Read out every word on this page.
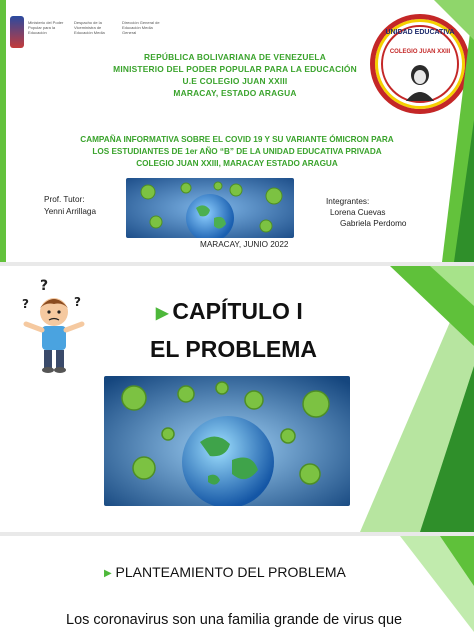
Ministerio del Poder Popular para la Educación
Despacho de la Viceministra de Educación Media
Dirección General de Educación Media General	UNIDAD EDUCATIVA
COLEGIO JUAN XXIII
REPÚBLICA BOLIVARIANA DE VENEZUELA
MINISTERIO DEL PODER POPULAR PARA LA EDUCACIÓN
U.E COLEGIO JUAN XXIII
MARACAY, ESTADO ARAGUA
CAMPAÑA INFORMATIVA SOBRE EL COVID 19 Y SU VARIANTE ÓMICRON PARA
LOS ESTUDIANTES DE 1er AÑO “B” DE LA UNIDAD EDUCATIVA PRIVADA
COLEGIO JUAN XXIII, MARACAY ESTADO ARAGUA
Prof. Tutor:
Yenni Arrillaga
Integrantes:
Lorena Cuevas
Gabriela Perdomo
MARACAY, JUNIO 2022
?
?	?
▶ CAPÍTULO I
EL PROBLEMA
▶ PLANTEAMIENTO DEL PROBLEMA
Los coronavirus son una familia grande de virus que
